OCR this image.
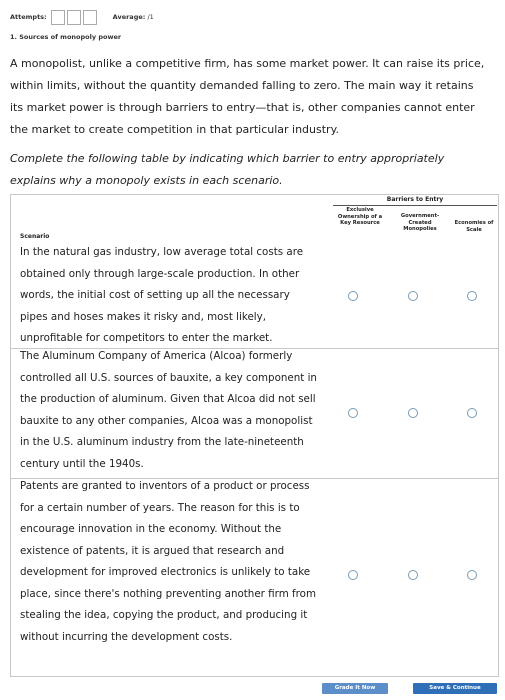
Attempts:	Average: /1
1. Sources of monopoly power

A monopolist, unlike a competitive firm, has some market power. It can raise its price, within limits, without the quantity demanded falling to zero. The main way it retains its market power is through barriers to entry—that is, other companies cannot enter the market to create competition in that particular industry.

Complete the following table by indicating which barrier to entry appropriately explains why a monopoly exists in each scenario.

Barriers to Entry
Exclusive Ownership of a Key Resource
Government-Created Monopolies
Economies of Scale
Scenario

In the natural gas industry, low average total costs are obtained only through large-scale production. In other words, the initial cost of setting up all the necessary pipes and hoses makes it risky and, most likely, unprofitable for competitors to enter the market.

The Aluminum Company of America (Alcoa) formerly controlled all U.S. sources of bauxite, a key component in the production of aluminum. Given that Alcoa did not sell bauxite to any other companies, Alcoa was a monopolist in the U.S. aluminum industry from the late-nineteenth century until the 1940s.

Patents are granted to inventors of a product or process for a certain number of years. The reason for this is to encourage innovation in the economy. Without the existence of patents, it is argued that research and development for improved electronics is unlikely to take place, since there's nothing preventing another firm from stealing the idea, copying the product, and producing it without incurring the development costs.

Grade It Now	Save & Continue
